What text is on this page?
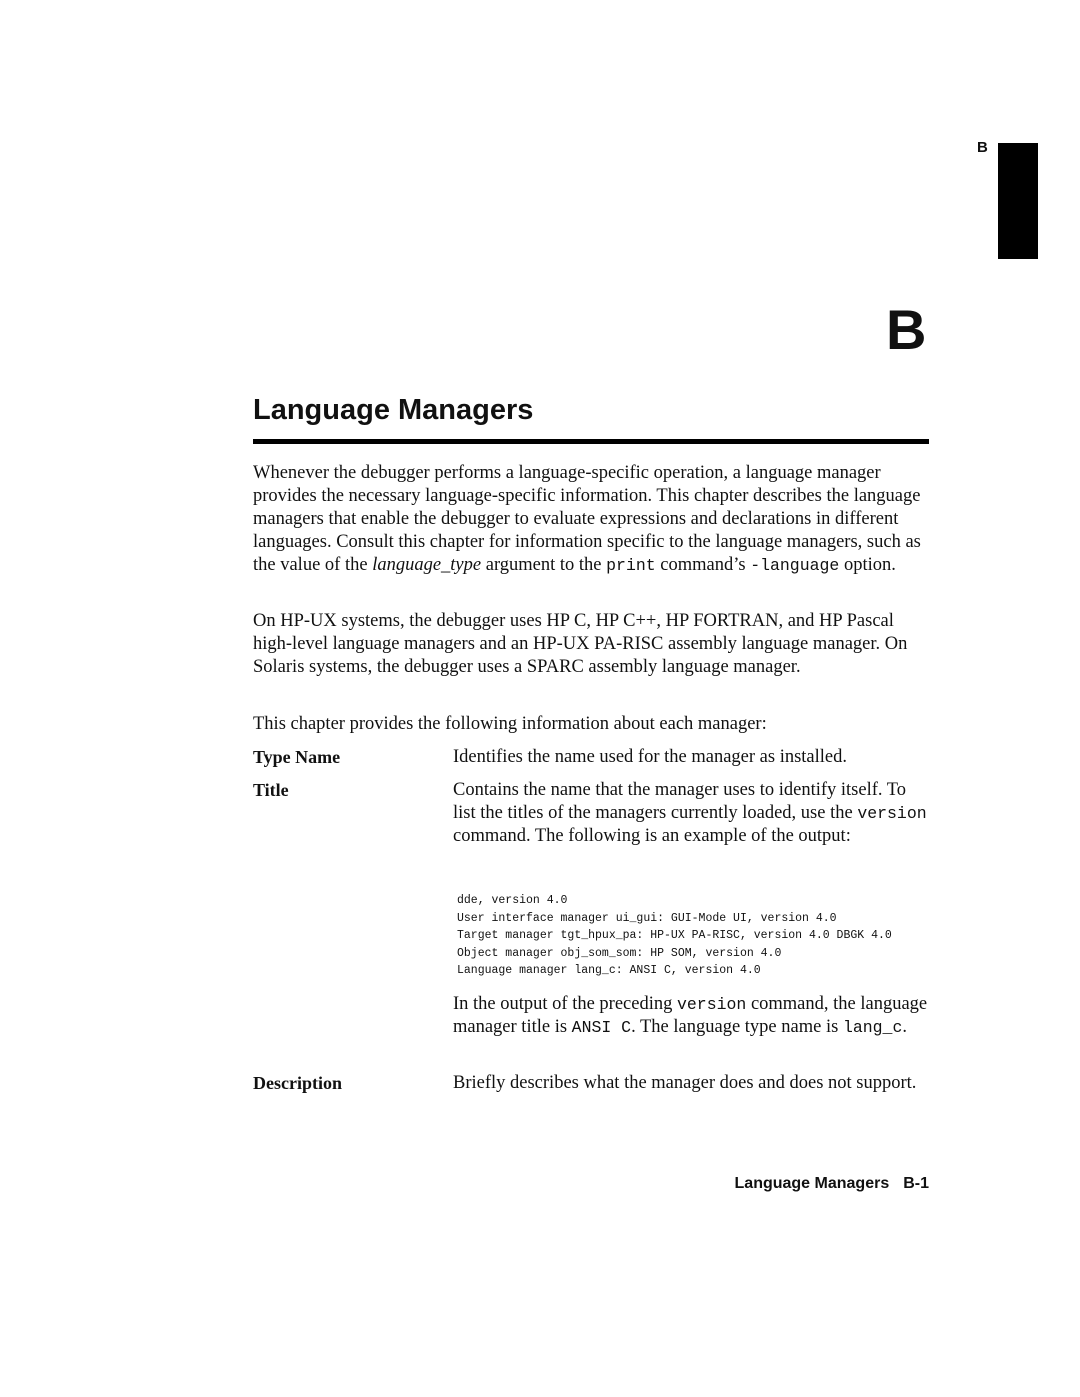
B
B
Language Managers

Whenever the debugger performs a language-specific operation, a language manager provides the necessary language-specific information. This chapter describes the language managers that enable the debugger to evaluate expressions and declarations in different languages. Consult this chapter for information specific to the language managers, such as the value of the language_type argument to the print command’s -language option.

On HP-UX systems, the debugger uses HP C, HP C++, HP FORTRAN, and HP Pascal high-level language managers and an HP-UX PA-RISC assembly language manager. On Solaris systems, the debugger uses a SPARC assembly language manager.

This chapter provides the following information about each manager:

Type Name	Identifies the name used for the manager as installed.

Title	Contains the name that the manager uses to identify itself. To list the titles of the managers currently loaded, use the version command. The following is an example of the output:

dde, version 4.0
User interface manager ui_gui: GUI-Mode UI, version 4.0
Target manager tgt_hpux_pa: HP-UX PA-RISC, version 4.0 DBGK 4.0
Object manager obj_som_som: HP SOM, version 4.0
Language manager lang_c: ANSI C, version 4.0

In the output of the preceding version command, the language manager title is ANSI C. The language type name is lang_c.

Description	Briefly describes what the manager does and does not support.

Language Managers B-1
